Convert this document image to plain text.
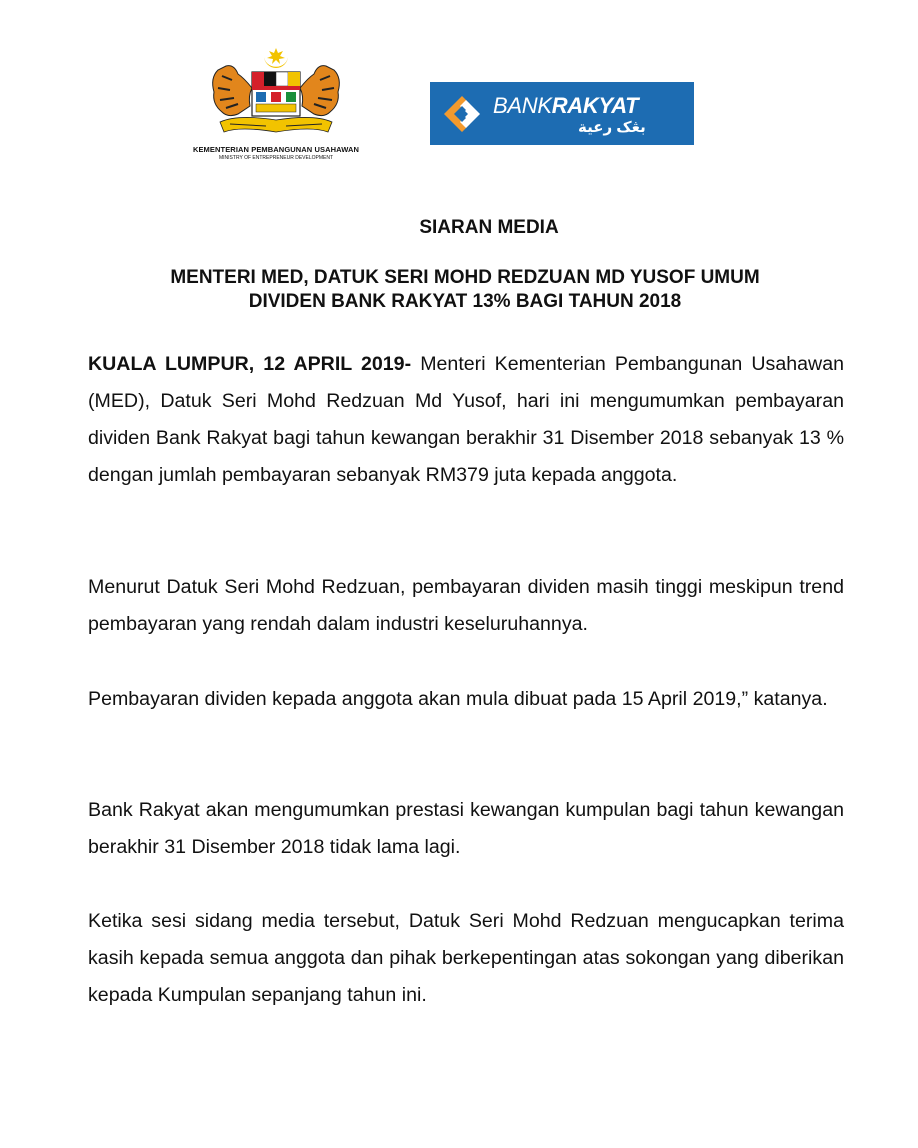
KEMENTERIAN PEMBANGUNAN USAHAWAN
MINISTRY OF ENTREPRENEUR DEVELOPMENT
BANKRAKYAT
بڠک رعية
SIARAN MEDIA
MENTERI MED, DATUK SERI MOHD REDZUAN MD YUSOF UMUM
DIVIDEN BANK RAKYAT 13% BAGI TAHUN 2018
KUALA LUMPUR, 12 APRIL 2019- Menteri Kementerian Pembangunan Usahawan (MED), Datuk Seri Mohd Redzuan Md Yusof, hari ini mengumumkan pembayaran dividen Bank Rakyat bagi tahun kewangan berakhir 31 Disember 2018 sebanyak 13 % dengan jumlah pembayaran sebanyak RM379 juta kepada anggota.
Menurut Datuk Seri Mohd Redzuan, pembayaran dividen masih tinggi meskipun trend pembayaran yang rendah dalam industri keseluruhannya.
Pembayaran dividen kepada anggota akan mula dibuat pada 15 April 2019,” katanya.
Bank Rakyat akan mengumumkan prestasi kewangan kumpulan bagi tahun kewangan berakhir 31 Disember 2018 tidak lama lagi.
Ketika sesi sidang media tersebut, Datuk Seri Mohd Redzuan mengucapkan terima kasih kepada semua anggota dan pihak berkepentingan atas sokongan yang diberikan kepada Kumpulan sepanjang tahun ini.
